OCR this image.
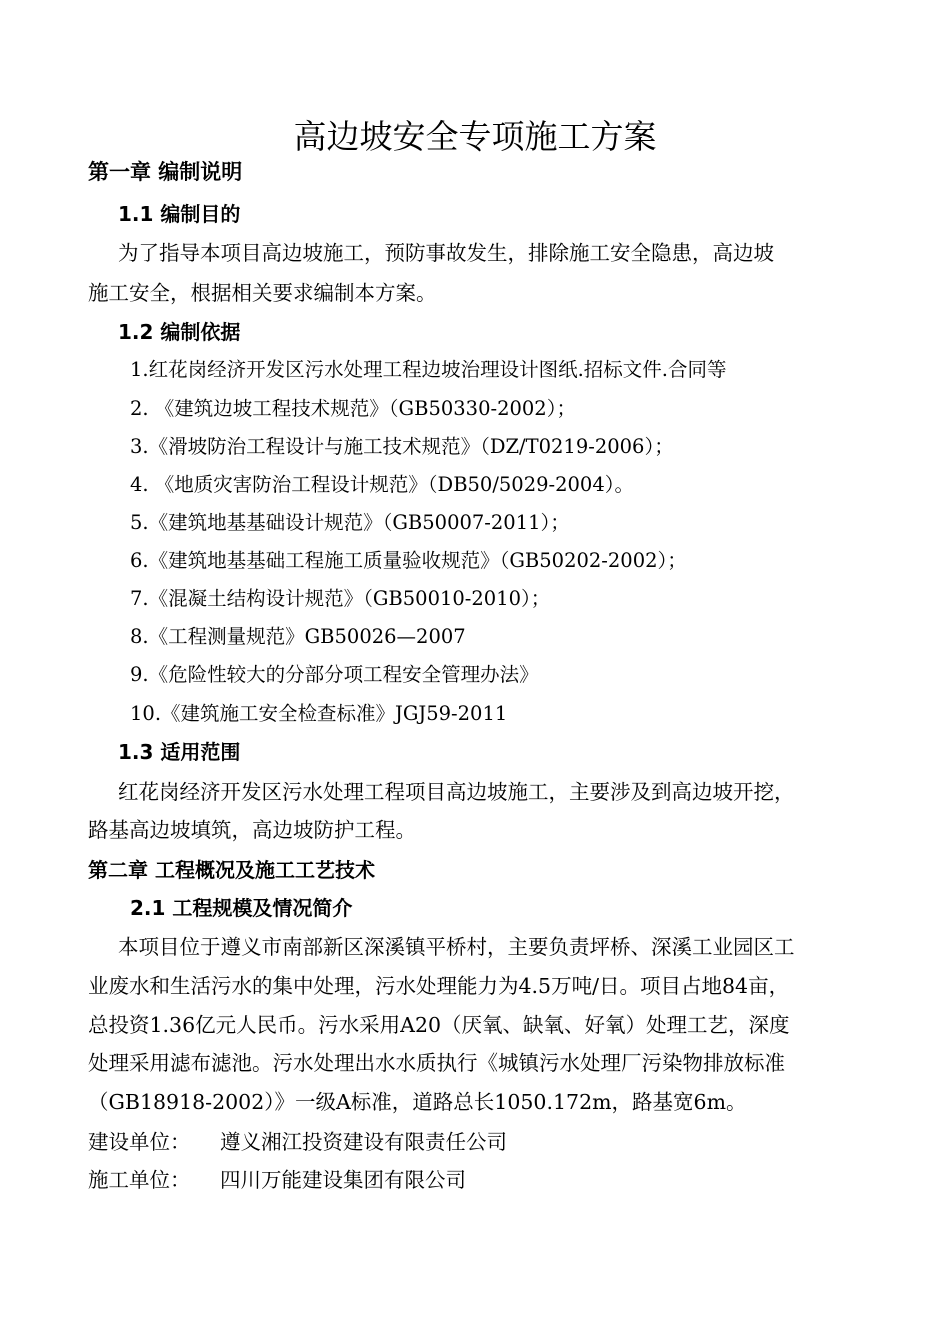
高边坡安全专项施工方案
第一章 编制说明
1.1 编制目的
为了指导本项目高边坡施工，预防事故发生，排除施工安全隐患，高边坡
施工安全，根据相关要求编制本方案。
1.2 编制依据
1.红花岗经济开发区污水处理工程边坡治理设计图纸.招标文件.合同等
2. 《建筑边坡工程技术规范》（GB50330-2002）；
3.《滑坡防治工程设计与施工技术规范》（DZ/T0219-2006）；
4. 《地质灾害防治工程设计规范》（DB50/5029-2004）。
5.《建筑地基基础设计规范》（GB50007-2011）；
6.《建筑地基基础工程施工质量验收规范》（GB50202-2002）；
7.《混凝土结构设计规范》（GB50010-2010）；
8.《工程测量规范》GB50026—2007
9.《危险性较大的分部分项工程安全管理办法》
10.《建筑施工安全检查标准》JGJ59-2011
1.3 适用范围
红花岗经济开发区污水处理工程项目高边坡施工，主要涉及到高边坡开挖，
路基高边坡填筑，高边坡防护工程。
第二章 工程概况及施工工艺技术
2.1 工程规模及情况简介
本项目位于遵义市南部新区深溪镇平桥村，主要负责坪桥、深溪工业园区工
业废水和生活污水的集中处理，污水处理能力为4.5万吨/日。项目占地84亩，
总投资1.36亿元人民币。污水采用A20（厌氧、缺氧、好氧）处理工艺，深度
处理采用滤布滤池。污水处理出水水质执行《城镇污水处理厂污染物排放标准
（GB18918-2002）》一级A标准，道路总长1050.172m，路基宽6m。
建设单位： 遵义湘江投资建设有限责任公司
施工单位： 四川万能建设集团有限公司
